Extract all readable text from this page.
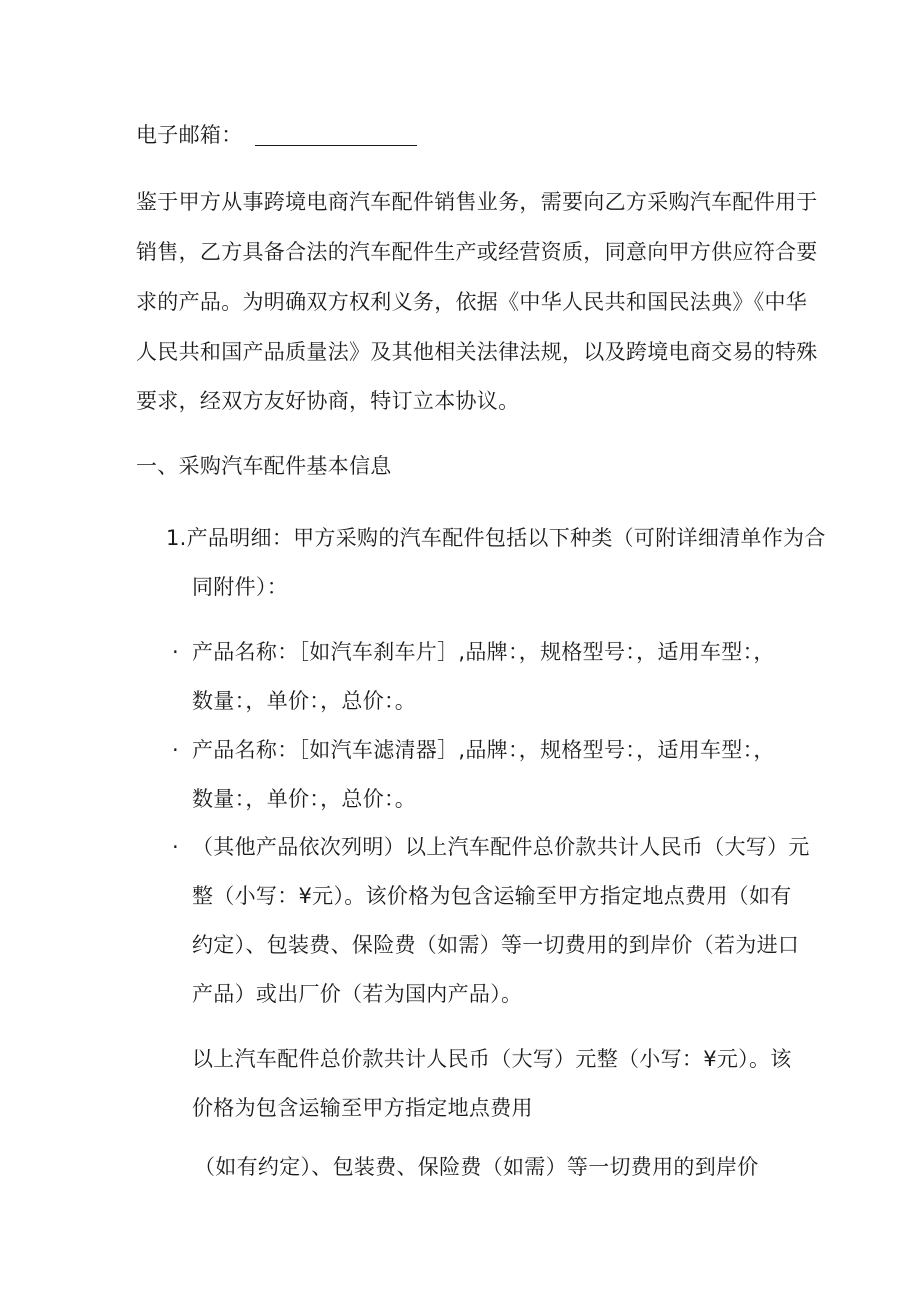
电子邮箱：
鉴于甲方从事跨境电商汽车配件销售业务，需要向乙方采购汽车配件用于
销售，乙方具备合法的汽车配件生产或经营资质，同意向甲方供应符合要
求的产品。为明确双方权利义务，依据《中华人民共和国民法典》《中华
人民共和国产品质量法》及其他相关法律法规，以及跨境电商交易的特殊
要求，经双方友好协商，特订立本协议。
一、采购汽车配件基本信息
1.产品明细：甲方采购的汽车配件包括以下种类（可附详细清单作为合
同附件）：
· 产品名称：［如汽车刹车片］,品牌：，规格型号：，适用车型：，
数量：，单价：，总价：。
· 产品名称：［如汽车滤清器］,品牌：，规格型号：，适用车型：，
数量：，单价：，总价：。
· （其他产品依次列明）以上汽车配件总价款共计人民币（大写）元
整（小写：¥元）。该价格为包含运输至甲方指定地点费用（如有
约定）、包装费、保险费（如需）等一切费用的到岸价（若为进口
产品）或出厂价（若为国内产品）。
以上汽车配件总价款共计人民币（大写）元整（小写：¥元）。该
价格为包含运输至甲方指定地点费用
（如有约定）、包装费、保险费（如需）等一切费用的到岸价
